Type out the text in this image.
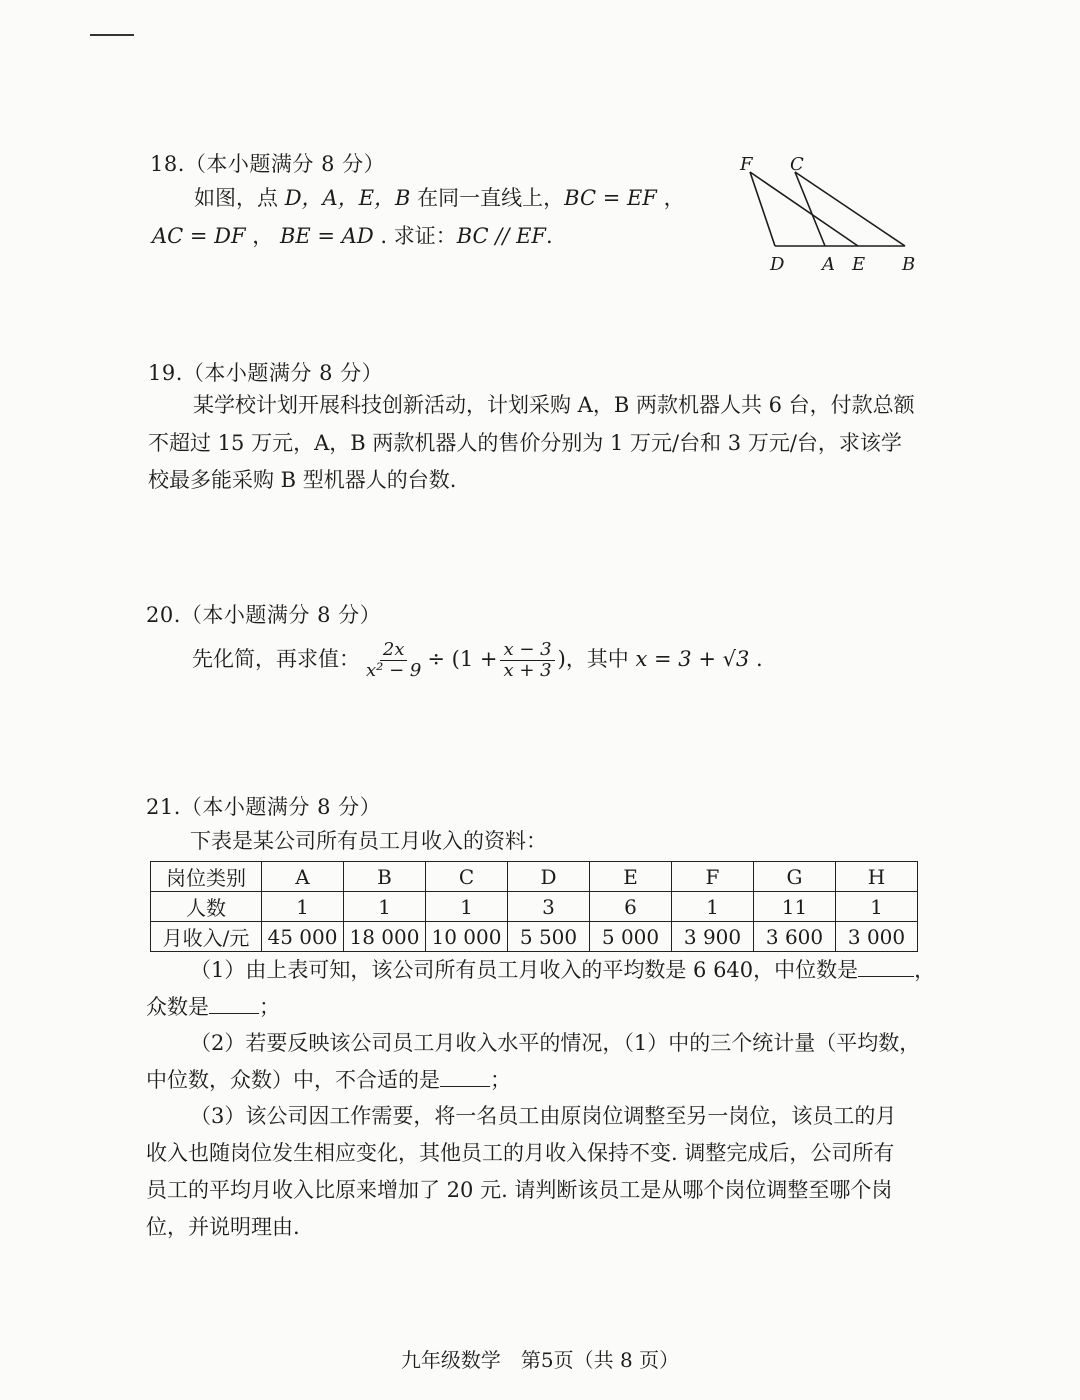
18.（本小题满分 8 分）
如图，点 D，A，E，B 在同一直线上，BC = EF ，
AC = DF ， BE = AD . 求证：BC // EF.
F C
D A E B
19.（本小题满分 8 分）
某学校计划开展科技创新活动，计划采购 A，B 两款机器人共 6 台，付款总额
不超过 15 万元，A，B 两款机器人的售价分别为 1 万元/台和 3 万元/台，求该学
校最多能采购 B 型机器人的台数.
20.（本小题满分 8 分）
先化简，再求值： $\frac{2x}{\text{x² − 9}} \div (1 + \frac{x - 3}{x + 3}$ )，其中 x = 3 + √3 .
21.（本小题满分 8 分）
下表是某公司所有员工月收入的资料：
岗位类别	A	B	C	D	E	F	G	H
人数	1	1	1	3	6	1	11	1
月收入/元	45 000	18 000	10 000	5 500	5 000	3 900	3 600	3 000
（1）由上表可知，该公司所有员工月收入的平均数是 6 640，中位数是	，
众数是 ；
（2）若要反映该公司员工月收入水平的情况，（1）中的三个统计量（平均数，
中位数，众数）中，不合适的是 ；
（3）该公司因工作需要，将一名员工由原岗位调整至另一岗位，该员工的月
收入也随岗位发生相应变化，其他员工的月收入保持不变. 调整完成后，公司所有
员工的平均月收入比原来增加了 20 元. 请判断该员工是从哪个岗位调整至哪个岗
位，并说明理由.
九年级数学　第5页（共 8 页）
